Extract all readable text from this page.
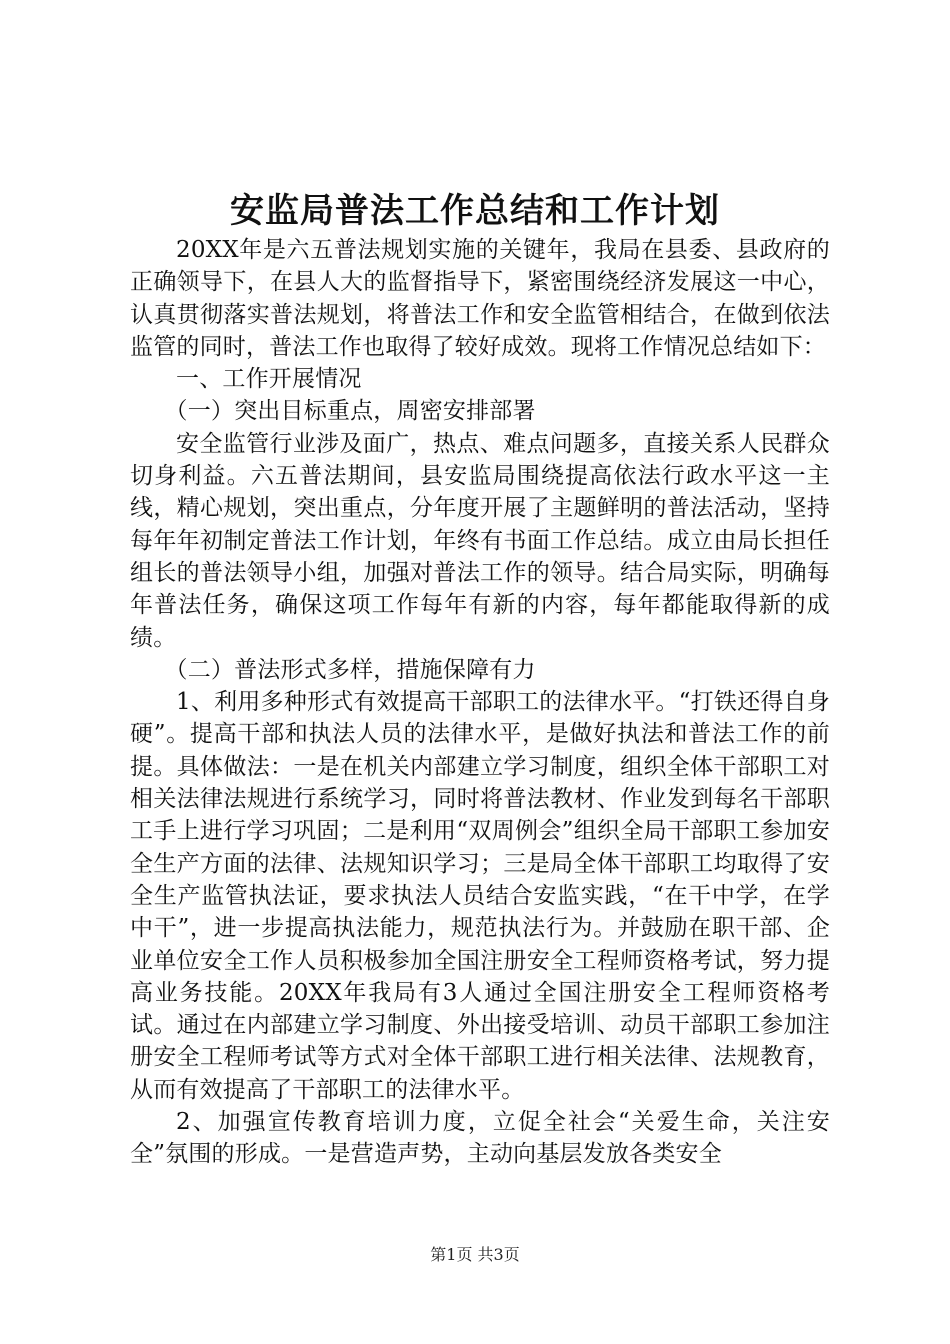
安监局普法工作总结和工作计划

20XX年是六五普法规划实施的关键年，我局在县委、县政府的正确领导下，在县人大的监督指导下，紧密围绕经济发展这一中心，认真贯彻落实普法规划，将普法工作和安全监管相结合，在做到依法监管的同时，普法工作也取得了较好成效。现将工作情况总结如下：

一、工作开展情况

（一）突出目标重点，周密安排部署

安全监管行业涉及面广，热点、难点问题多，直接关系人民群众切身利益。六五普法期间，县安监局围绕提高依法行政水平这一主线，精心规划，突出重点，分年度开展了主题鲜明的普法活动，坚持每年年初制定普法工作计划，年终有书面工作总结。成立由局长担任组长的普法领导小组，加强对普法工作的领导。结合局实际，明确每年普法任务，确保这项工作每年有新的内容，每年都能取得新的成绩。

（二）普法形式多样，措施保障有力

1、利用多种形式有效提高干部职工的法律水平。“打铁还得自身硬”。提高干部和执法人员的法律水平，是做好执法和普法工作的前提。具体做法：一是在机关内部建立学习制度，组织全体干部职工对相关法律法规进行系统学习，同时将普法教材、作业发到每名干部职工手上进行学习巩固；二是利用“双周例会”组织全局干部职工参加安全生产方面的法律、法规知识学习；三是局全体干部职工均取得了安全生产监管执法证，要求执法人员结合安监实践，“在干中学，在学中干”，进一步提高执法能力，规范执法行为。并鼓励在职干部、企业单位安全工作人员积极参加全国注册安全工程师资格考试，努力提高业务技能。20XX年我局有3人通过全国注册安全工程师资格考试。通过在内部建立学习制度、外出接受培训、动员干部职工参加注册安全工程师考试等方式对全体干部职工进行相关法律、法规教育，从而有效提高了干部职工的法律水平。

2、加强宣传教育培训力度，立促全社会“关爱生命，关注安全”氛围的形成。一是营造声势，主动向基层发放各类安全

第1页 共3页
